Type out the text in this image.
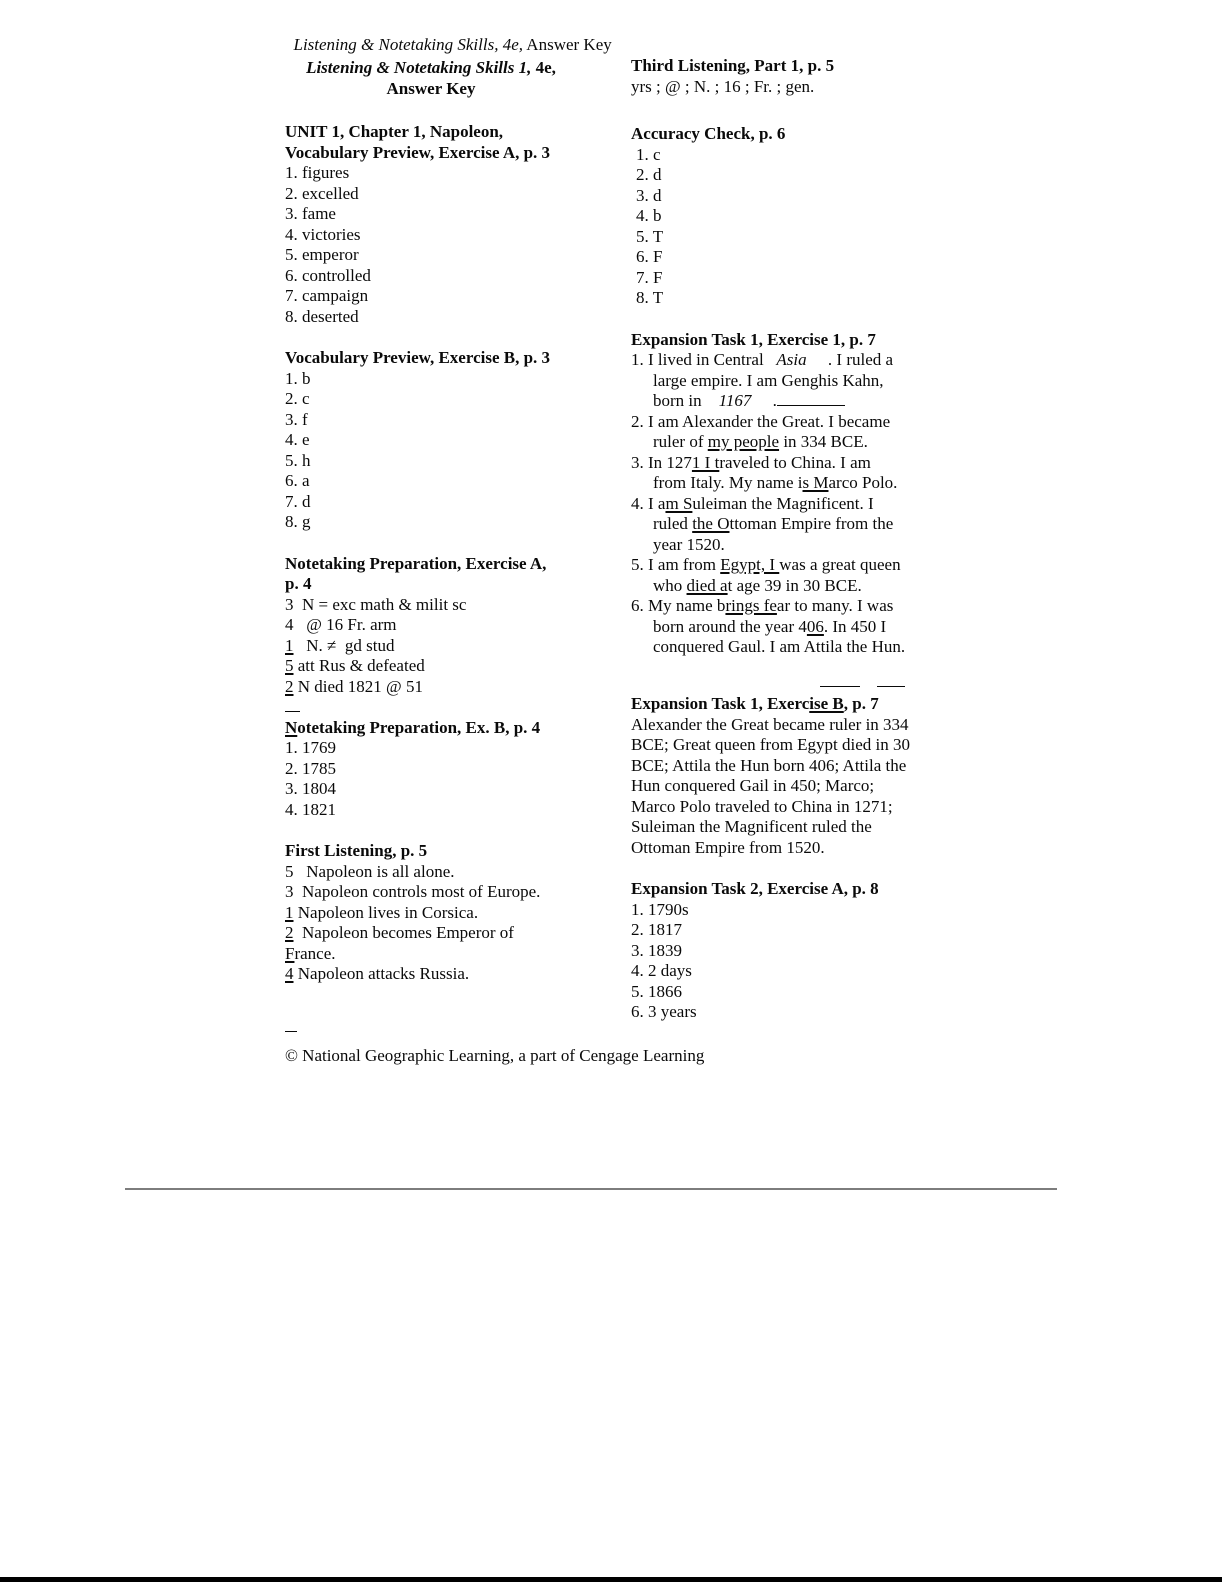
Listening & Notetaking Skills, 4e, Answer Key

Listening & Notetaking Skills 1, 4e,
Answer Key
UNIT 1, Chapter 1, Napoleon,
Vocabulary Preview, Exercise A, p. 3
1. figures
2. excelled
3. fame
4. victories
5. emperor
6. controlled
7. campaign
8. deserted
Vocabulary Preview, Exercise B, p. 3
1. b
2. c
3. f
4. e
5. h
6. a
7. d
8. g
Notetaking Preparation, Exercise A,
p. 4
3  N = exc math & milit sc
4   @ 16 Fr. arm
1   N. ≠  gd stud
5 att Rus & defeated
2 N died 1821 @ 51
Notetaking Preparation, Ex. B, p. 4
1. 1769
2. 1785
3. 1804
4. 1821
First Listening, p. 5
5   Napoleon is all alone.
3  Napoleon controls most of Europe.
1 Napoleon lives in Corsica.
2  Napoleon becomes Emperor of
France.
4 Napoleon attacks Russia.
Third Listening, Part 1, p. 5
yrs ; @ ; N. ; 16 ; Fr. ; gen.
Accuracy Check, p. 6
1. c
2. d
3. d
4. b
5. T
6. F
7. F
8. T
Expansion Task 1, Exercise 1, p. 7
1. I lived in Central   Asia     . I ruled a
large empire. I am Genghis Kahn,
born in    1167     .
2. I am Alexander the Great. I became
ruler of my people in 334 BCE.
3. In 1271 I traveled to China. I am
from Italy. My name is Marco Polo.
4. I am Suleiman the Magnificent. I
ruled the Ottoman Empire from the
year 1520.
5. I am from Egypt, I was a great queen
who died at age 39 in 30 BCE.
6. My name brings fear to many. I was
born around the year 406. In 450 I
conquered Gaul. I am Attila the Hun.

Expansion Task 1, Exercise B, p. 7
Alexander the Great became ruler in 334
BCE; Great queen from Egypt died in 30
BCE; Attila the Hun born 406; Attila the
Hun conquered Gail in 450; Marco;
Marco Polo traveled to China in 1271;
Suleiman the Magnificent ruled the
Ottoman Empire from 1520.
Expansion Task 2, Exercise A, p. 8
1. 1790s
2. 1817
3. 1839
4. 2 days
5. 1866
6. 3 years
© National Geographic Learning, a part of Cengage Learning
